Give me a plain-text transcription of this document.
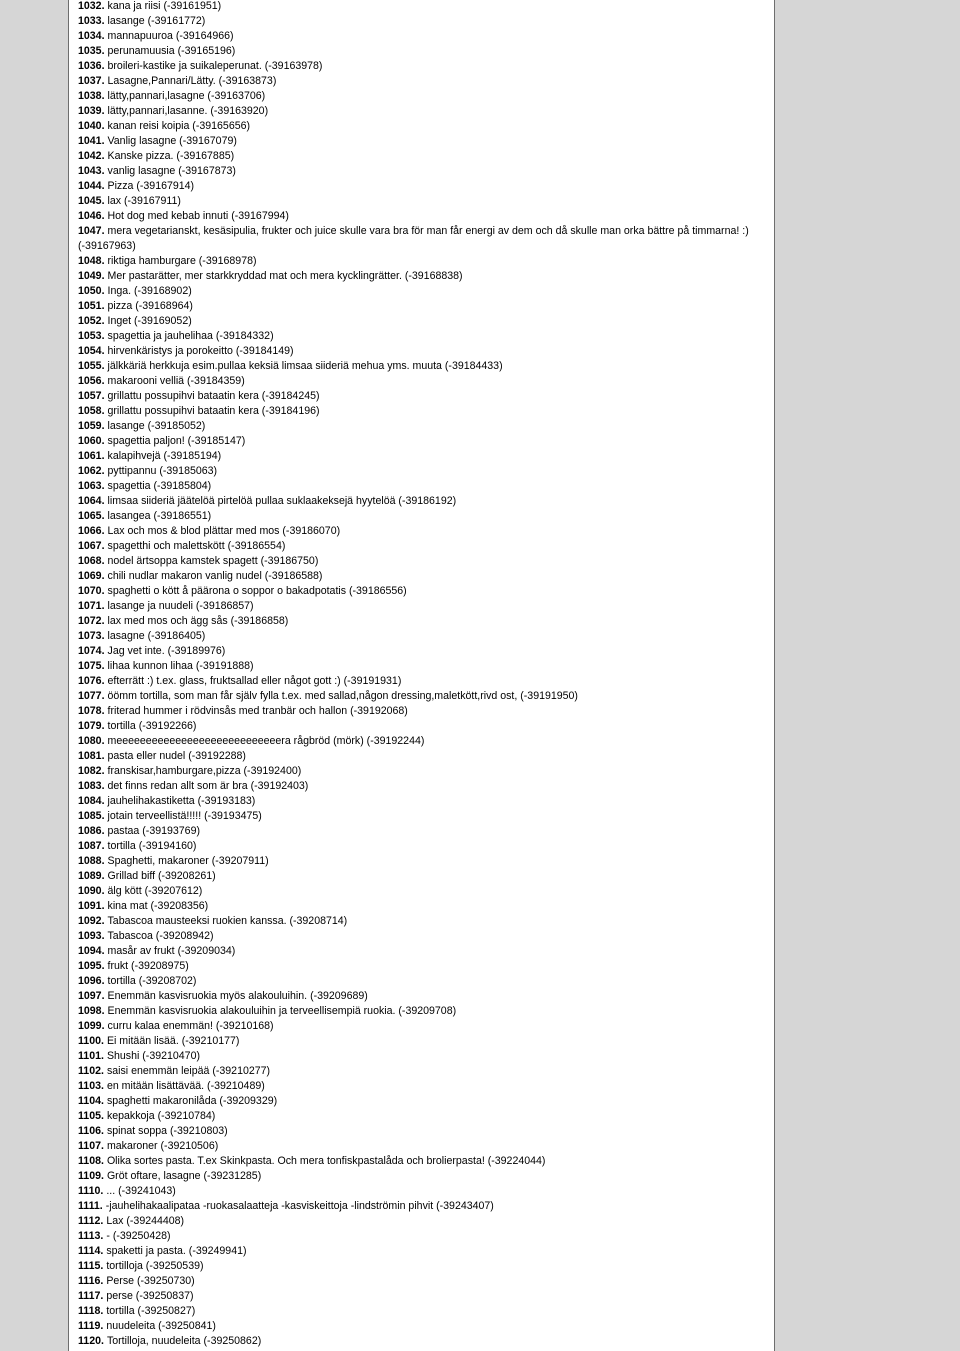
1032. kana ja riisi (-39161951)
1033. lasange (-39161772)
1034. mannapuuroa (-39164966)
1035. perunamuusia (-39165196)
1036. broileri-kastike ja suikaleperunat. (-39163978)
1037. Lasagne,Pannari/Lätty. (-39163873)
1038. lätty,pannari,lasagne (-39163706)
1039. lätty,pannari,lasanne. (-39163920)
1040. kanan reisi koipia (-39165656)
1041. Vanlig lasagne (-39167079)
1042. Kanske pizza. (-39167885)
1043. vanlig lasagne (-39167873)
1044. Pizza (-39167914)
1045. lax (-39167911)
1046. Hot dog med kebab innuti (-39167994)
1047. mera vegetarianskt, kesäsipulia, frukter och juice skulle vara bra för man får energi av dem och då skulle man orka bättre på timmarna! :) (-39167963)
1048. riktiga hamburgare (-39168978)
1049. Mer pastarätter, mer starkkryddad mat och mera kycklingrätter. (-39168838)
1050. Inga. (-39168902)
1051. pizza (-39168964)
1052. Inget (-39169052)
1053. spagettia ja jauhelihaa (-39184332)
1054. hirvenkäristys ja porokeitto (-39184149)
1055. jälkkäriä herkkuja esim.pullaa keksiä limsaa siideriä mehua yms. muuta (-39184433)
1056. makarooni velliä (-39184359)
1057. grillattu possupihvi bataatin kera (-39184245)
1058. grillattu possupihvi bataatin kera (-39184196)
1059. lasange (-39185052)
1060. spagettia paljon! (-39185147)
1061. kalapihvejä (-39185194)
1062. pyttipannu (-39185063)
1063. spagettia (-39185804)
1064. limsaa siideriä jäätelöä pirtelöä pullaa suklaakeksejä hyytelöä (-39186192)
1065. lasangea (-39186551)
1066. Lax och mos & blod plättar med mos (-39186070)
1067. spagetthi och malettskött (-39186554)
1068. nodel ärtsoppa kamstek spagett (-39186750)
1069. chili nudlar makaron vanlig nudel (-39186588)
1070. spaghetti o kött å päärona o soppor o bakadpotatis (-39186556)
1071. lasange ja nuudeli (-39186857)
1072. lax med mos och ägg sås (-39186858)
1073. lasagne (-39186405)
1074. Jag vet inte. (-39189976)
1075. lihaa kunnon lihaa (-39191888)
1076. efterrätt :) t.ex. glass, fruktsallad eller något gott :) (-39191931)
1077. öömm tortilla, som man får själv fylla t.ex. med sallad,någon dressing,maletkött,rivd ost, (-39191950)
1078. friterad hummer i rödvinsås med tranbär och hallon (-39192068)
1079. tortilla (-39192266)
1080. meeeeeeeeeeeeeeeeeeeeeeeeeeeera rågbröd (mörk) (-39192244)
1081. pasta eller nudel (-39192288)
1082. franskisar,hamburgare,pizza (-39192400)
1083. det finns redan allt som är bra (-39192403)
1084. jauhelihakastiketta (-39193183)
1085. jotain terveellistä!!!!! (-39193475)
1086. pastaa (-39193769)
1087. tortilla (-39194160)
1088. Spaghetti, makaroner (-39207911)
1089. Grillad biff (-39208261)
1090. älg kött (-39207612)
1091. kina mat (-39208356)
1092. Tabascoa mausteeksi ruokien kanssa. (-39208714)
1093. Tabascoa (-39208942)
1094. masår av frukt (-39209034)
1095. frukt (-39208975)
1096. tortilla (-39208702)
1097. Enemmän kasvisruokia myös alakouluihin. (-39209689)
1098. Enemmän kasvisruokia alakouluihin ja terveellisempiä ruokia. (-39209708)
1099. curru kalaa enemmän! (-39210168)
1100. Ei mitään lisää. (-39210177)
1101. Shushi (-39210470)
1102. saisi enemmän leipää (-39210277)
1103. en mitään lisättävää. (-39210489)
1104. spaghetti makaronilåda (-39209329)
1105. kepakkoja (-39210784)
1106. spinat soppa (-39210803)
1107. makaroner (-39210506)
1108. Olika sortes pasta. T.ex Skinkpasta. Och mera tonfiskpastalåda och brolierpasta! (-39224044)
1109. Gröt oftare, lasagne (-39231285)
1110. ... (-39241043)
1111. -jauhelihakaalipataa -ruokasalaatteja -kasviskeittoja -lindströmin pihvit (-39243407)
1112. Lax (-39244408)
1113. - (-39250428)
1114. spaketti ja pasta. (-39249941)
1115. tortilloja (-39250539)
1116. Perse (-39250730)
1117. perse (-39250837)
1118. tortilla (-39250827)
1119. nuudeleita (-39250841)
1120. Tortilloja, nuudeleita (-39250862)
